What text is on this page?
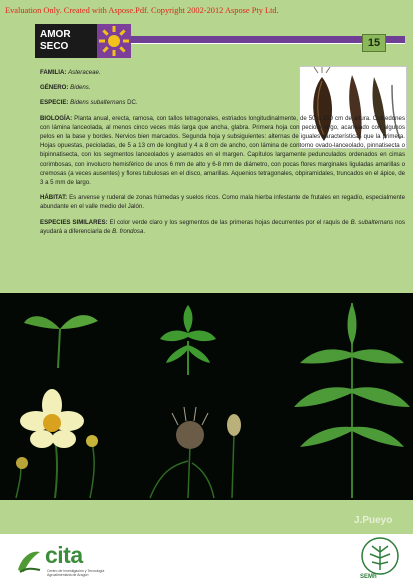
Evaluation Only. Created with Aspose.Pdf. Copyright 2002-2012 Aspose Pty Ltd.
AMOR
SECO	15

FAMILIA: Asteraceae.

GÉNERO: Bidens.

ESPECIE: Bidens subalternans DC.

BIOLOGÍA: Planta anual, erecta, ramosa, con tallos tetragonales, estriados longitudinalmente, de 50 a 150 cm de altura. Cotiledones con lámina lanceolada, al menos cinco veces más larga que ancha, glabra. Primera hoja con peciolo largo, acanalado con algunos pelos en la base y bordes. Nervios bien marcados. Segunda hoja y subsiguientes: alternas de iguales características que la primera. Hojas opuestas, pecioladas, de 5 a 13 cm de longitud y 4 a 8 cm de ancho, con lámina de contorno ovado-lanceolado, pinnatisecta o bipinnatisecta, con los segmentos lanceolados y aserrados en el margen. Capítulos largamente pedunculados ordenados en cimas corimbosas, con involucro hemisférico de unos 6 mm de alto y 6-8 mm de diámetro, con pocas flores marginales liguladas amarillas o cremosas (a veces ausentes) y flores tubulosas en el disco, amarillas. Aquenios tetragonales, obpiramidales, truncados en el ápice, de 3 a 5 mm de largo.

HÁBITAT: Es arvense y ruderal de zonas húmedas y suelos ricos. Como mala hierba infestante de frutales en regadío, especialmente abundante en el valle medio del Jalón.

ESPECIES SIMILARES: El color verde claro y los segmentos de las primeras hojas decurrentes por el raquis de B. subalternans nos ayudará a diferenciarla de B. frondosa.

J.Pueyo
cita
Centro de Investigación y Tecnología Agroalimentaria de Aragón	SEMh
